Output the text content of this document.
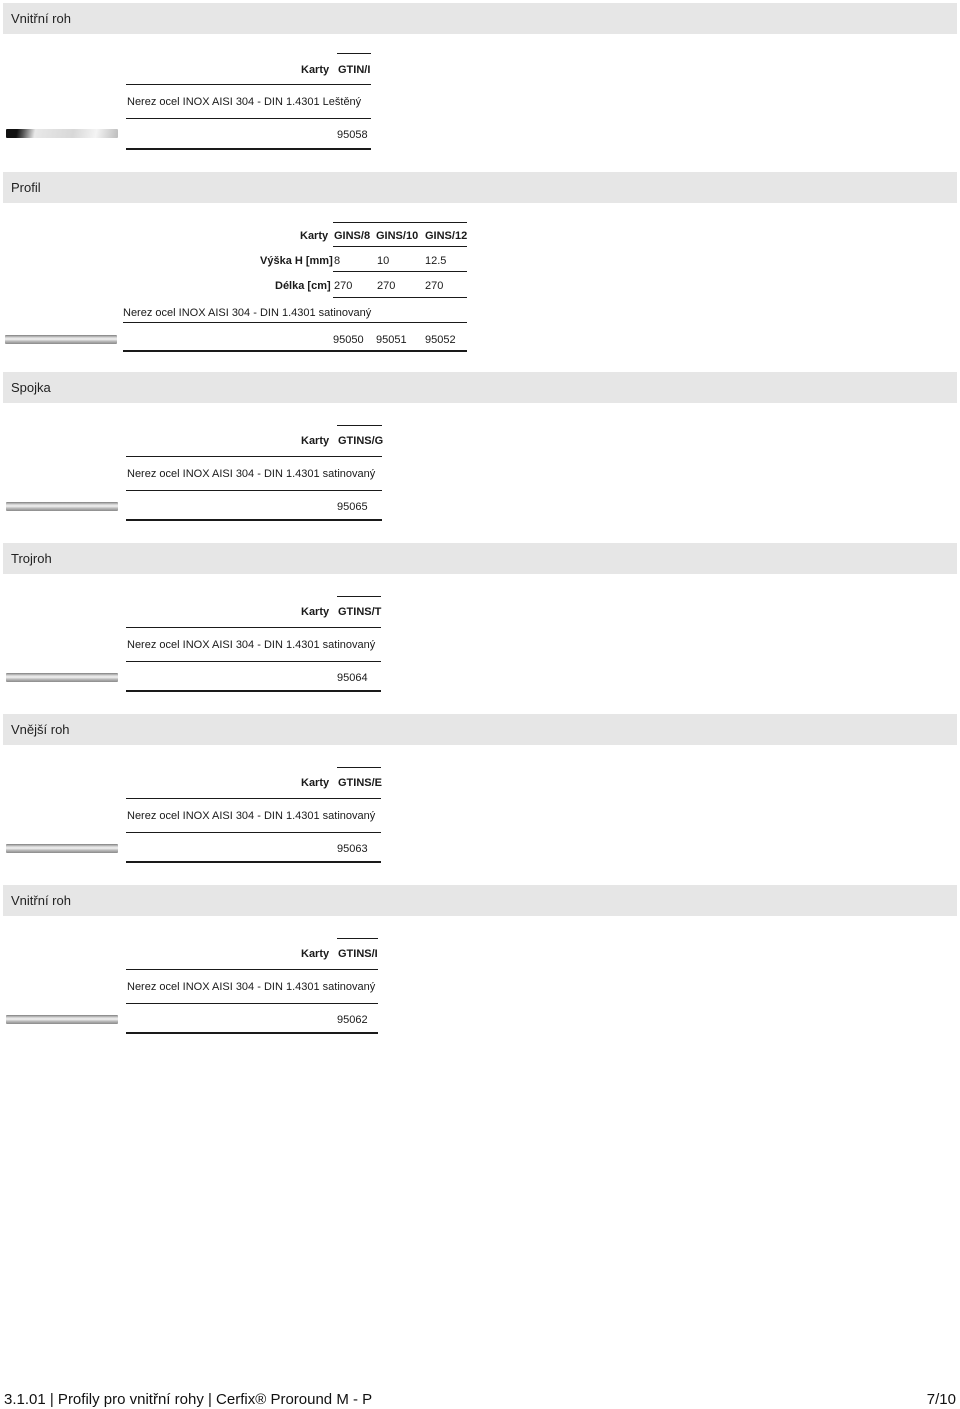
Vnitřní roh
Karty GTIN/I
Nerez ocel INOX AISI 304 - DIN 1.4301 Leštěný
95058
Profil
Karty GINS/8 GINS/10 GINS/12
Výška H [mm] 8	10	12.5
Délka [cm] 270 270	270
Nerez ocel INOX AISI 304 - DIN 1.4301 satinovaný
95050 95051 95052
Spojka
Karty GTINS/G
Nerez ocel INOX AISI 304 - DIN 1.4301 satinovaný
95065
Trojroh
Karty GTINS/T
Nerez ocel INOX AISI 304 - DIN 1.4301 satinovaný
95064
Vnější roh
Karty GTINS/E
Nerez ocel INOX AISI 304 - DIN 1.4301 satinovaný
95063
Vnitřní roh
Karty GTINS/I
Nerez ocel INOX AISI 304 - DIN 1.4301 satinovaný
95062
3.1.01 | Profily pro vnitřní rohy | Cerfix® Proround M - P	7/10
